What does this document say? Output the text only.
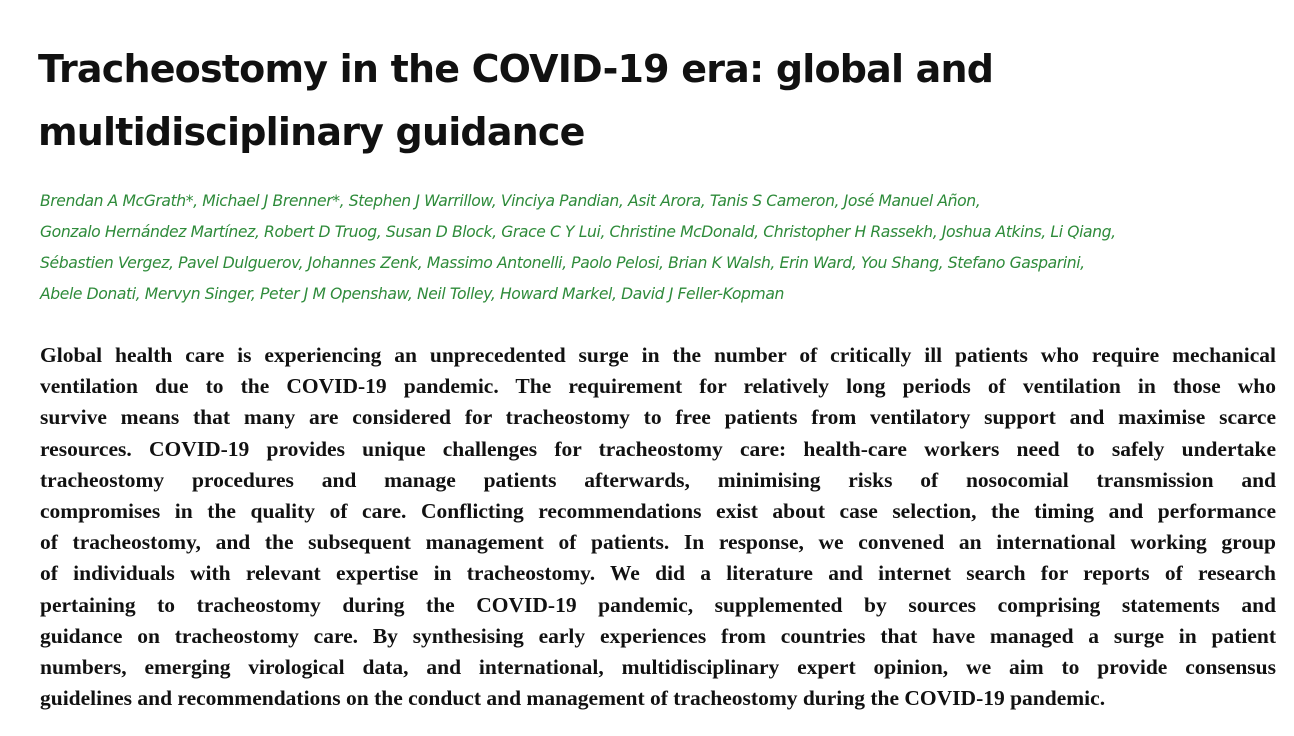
Tracheostomy in the COVID-19 era: global and
multidisciplinary guidance
Brendan A McGrath*, Michael J Brenner*, Stephen J Warrillow, Vinciya Pandian, Asit Arora, Tanis S Cameron, José Manuel Añon,
Gonzalo Hernández Martínez, Robert D Truog, Susan D Block, Grace C Y Lui, Christine McDonald, Christopher H Rassekh, Joshua Atkins, Li Qiang,
Sébastien Vergez, Pavel Dulguerov, Johannes Zenk, Massimo Antonelli, Paolo Pelosi, Brian K Walsh, Erin Ward, You Shang, Stefano Gasparini,
Abele Donati, Mervyn Singer, Peter J M Openshaw, Neil Tolley, Howard Markel, David J Feller-Kopman
Global health care is experiencing an unprecedented surge in the number of critically ill patients who require mechanical
ventilation due to the COVID-19 pandemic. The requirement for relatively long periods of ventilation in those who
survive means that many are considered for tracheostomy to free patients from ventilatory support and maximise scarce
resources. COVID-19 provides unique challenges for tracheostomy care: health-care workers need to safely undertake
tracheostomy procedures and manage patients afterwards, minimising risks of nosocomial transmission and
compromises in the quality of care. Conflicting recommendations exist about case selection, the timing and performance
of tracheostomy, and the subsequent management of patients. In response, we convened an international working group
of individuals with relevant expertise in tracheostomy. We did a literature and internet search for reports of research
pertaining to tracheostomy during the COVID-19 pandemic, supplemented by sources comprising statements and
guidance on tracheostomy care. By synthesising early experiences from countries that have managed a surge in patient
numbers, emerging virological data, and international, multidisciplinary expert opinion, we aim to provide consensus
guidelines and recommendations on the conduct and management of tracheostomy during the COVID-19 pandemic.
